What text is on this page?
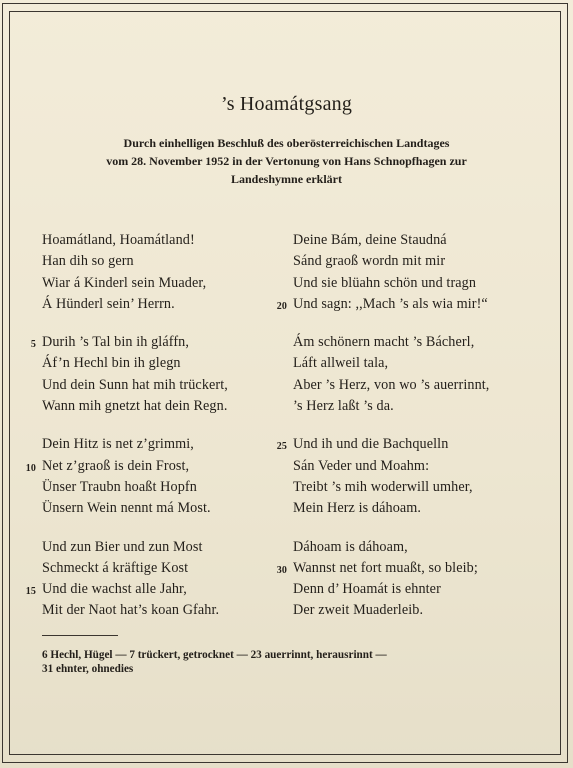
’s Hoamátgsang
Durch einhelligen Beschluß des oberösterreichischen Landtages
vom 28. November 1952 in der Vertonung von Hans Schnopfhagen zur
Landeshymne erklärt
Hoamátland, Hoamátland!
Han dih so gern
Wiar á Kinderl sein Muader,
Á Hünderl sein’ Herrn.
5 Durih ’s Tal bin ih gláffn,
Áf’n Hechl bin ih glegn
Und dein Sunn hat mih trückert,
Wann mih gnetzt hat dein Regn.
Dein Hitz is net z’grimmi,
10 Net z’graoß is dein Frost,
Ünser Traubn hoaßt Hopfn
Ünsern Wein nennt má Most.
Und zun Bier und zun Most
Schmeckt á kräftige Kost
15 Und die wachst alle Jahr,
Mit der Naot hat’s koan Gfahr.
Deine Bám, deine Staudná
Sánd graoß wordn mit mir
Und sie blüahn schön und tragn
20 Und sagn: ,,Mach ’s als wia mir!“
Ám schönern macht ’s Bácherl,
Láft allweil tala,
Aber ’s Herz, von wo ’s auerrinnt,
’s Herz laßt ’s da.
25 Und ih und die Bachquelln
Sán Veder und Moahm:
Treibt ’s mih woderwill umher,
Mein Herz is dáhoam.
Dáhoam is dáhoam,
30 Wannst net fort muaßt, so bleib;
Denn d’ Hoamát is ehnter
Der zweit Muaderleib.
6 Hechl, Hügel — 7 trückert, getrocknet — 23 auerrinnt, herausrinnt —
31 ehnter, ohnedies
